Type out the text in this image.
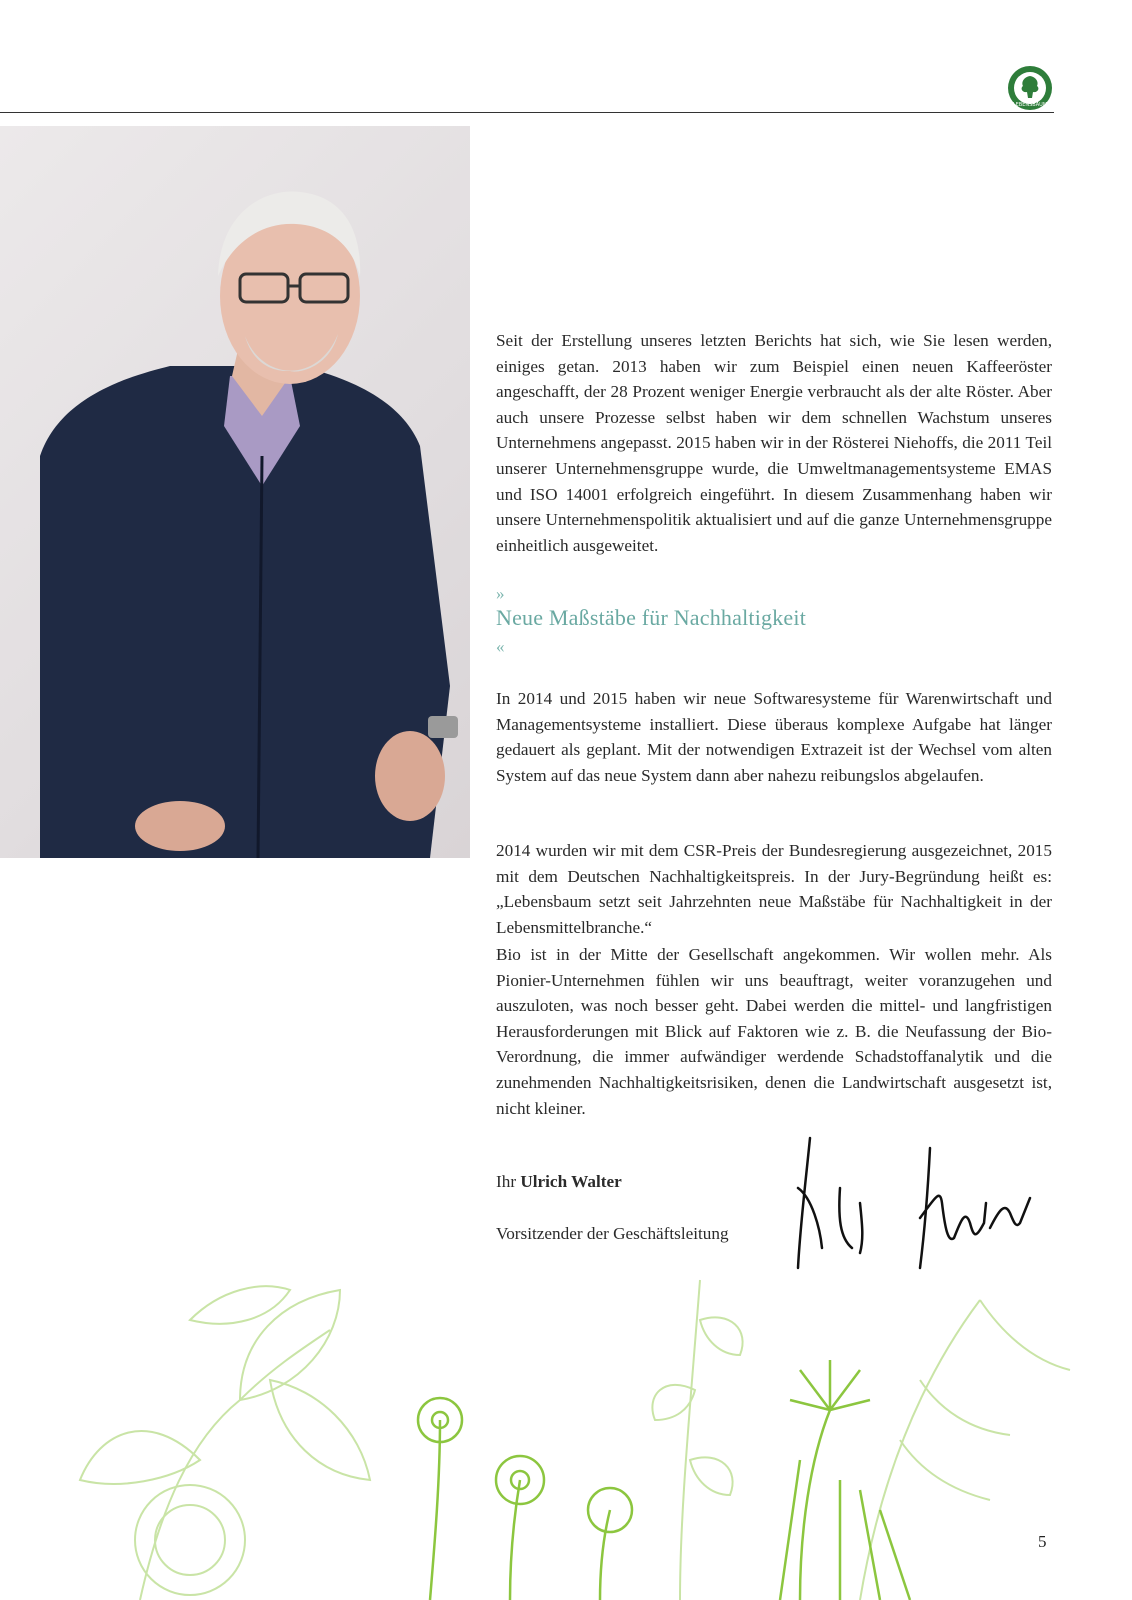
LEBENSBAUM
Seit der Erstellung unseres letzten Berichts hat sich, wie Sie lesen werden, einiges getan. 2013 haben wir zum Beispiel einen neuen Kaffeeröster angeschafft, der 28 Prozent weniger Energie verbraucht als der alte Röster. Aber auch unsere Prozesse selbst haben wir dem schnellen Wachstum unseres Unternehmens angepasst. 2015 haben wir in der Rösterei Niehoffs, die 2011 Teil unserer Unternehmensgruppe wurde, die Umweltmanagementsysteme EMAS und ISO 14001 erfolgreich eingeführt. In diesem Zusammenhang haben wir unsere Unternehmenspolitik aktualisiert und auf die ganze Unternehmensgruppe einheitlich ausgeweitet.
»
Neue Maßstäbe für Nachhaltigkeit
«
In 2014 und 2015 haben wir neue Softwaresysteme für Warenwirtschaft und Managementsysteme installiert. Diese überaus komplexe Aufgabe hat länger gedauert als geplant. Mit der notwendigen Extrazeit ist der Wechsel vom alten System auf das neue System dann aber nahezu reibungslos abgelaufen.
2014 wurden wir mit dem CSR-Preis der Bundesregierung ausgezeichnet, 2015 mit dem Deutschen Nachhaltigkeitspreis. In der Jury-Begründung heißt es: „Lebensbaum setzt seit Jahrzehnten neue Maßstäbe für Nachhaltigkeit in der Lebensmittelbranche.“
Bio ist in der Mitte der Gesellschaft angekommen. Wir wollen mehr. Als Pionier-Unternehmen fühlen wir uns beauftragt, weiter voranzugehen und auszuloten, was noch besser geht. Dabei werden die mittel- und langfristigen Herausforderungen mit Blick auf Faktoren wie z. B. die Neufassung der Bio-Verordnung, die immer aufwändiger werdende Schadstoffanalytik und die zunehmenden Nachhaltigkeitsrisiken, denen die Landwirtschaft ausgesetzt ist, nicht kleiner.
Ihr Ulrich Walter
Vorsitzender der Geschäftsleitung
5
